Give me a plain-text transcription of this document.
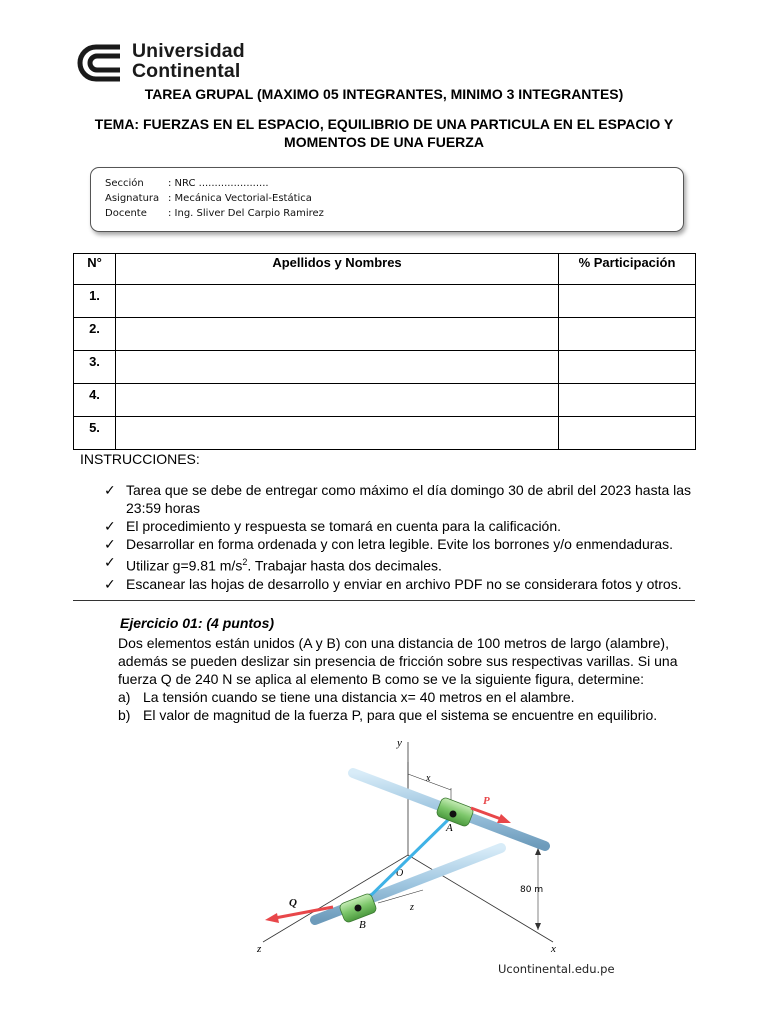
Universidad
Continental
TAREA GRUPAL (MAXIMO 05 INTEGRANTES, MINIMO 3 INTEGRANTES)
TEMA: FUERZAS EN EL ESPACIO, EQUILIBRIO DE UNA PARTICULA EN EL ESPACIO Y
MOMENTOS DE UNA FUERZA
Sección : NRC ......................
Asignatura : Mecánica Vectorial-Estática
Docente : Ing. Sliver Del Carpio Ramirez
N°	Apellidos y Nombres	% Participación
1.		
2.		
3.		
4.		
5.		
INSTRUCCIONES:
✓ Tarea que se debe de entregar como máximo el día domingo 30 de abril del 2023 hasta las 23:59 horas
✓ El procedimiento y respuesta se tomará en cuenta para la calificación.
✓ Desarrollar en forma ordenada y con letra legible. Evite los borrones y/o enmendaduras.
✓ Utilizar g=9.81 $m/s^2$. Trabajar hasta dos decimales.
✓ Escanear las hojas de desarrollo y enviar en archivo PDF no se considerara fotos y otros.
Ejercicio 01: (4 puntos)

Dos elementos están unidos (A y B) con una distancia de 100 metros de largo (alambre), además se pueden deslizar sin presencia de fricción sobre sus respectivas varillas. Si una fuerza Q de 240 N se aplica al elemento B como se ve la siguiente figura, determine:

a) La tensión cuando se tiene una distancia x= 40 metros en el alambre.
b) El valor de magnitud de la fuerza P, para que el sistema se encuentre en equilibrio.
y
z	x
O
x
80 m
z
A
B
P
Q
Ucontinental.edu.pe
